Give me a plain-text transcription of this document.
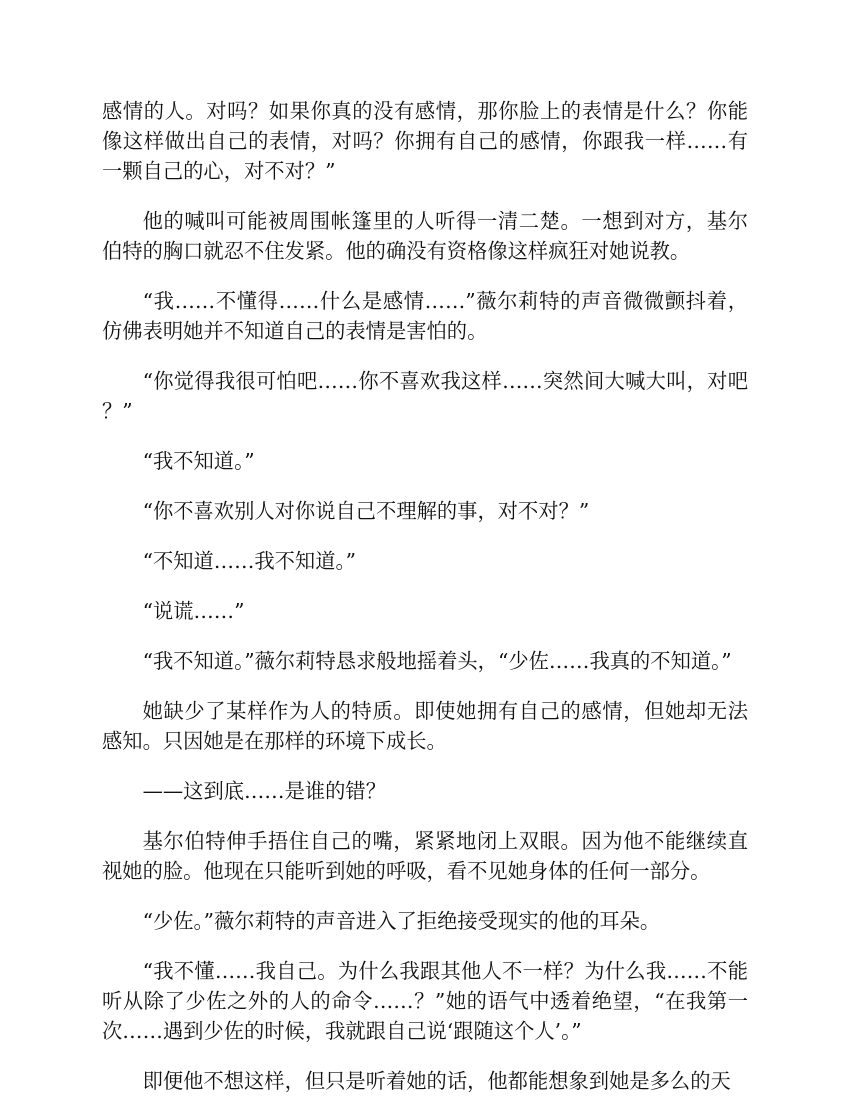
感情的人。对吗？如果你真的没有感情，那你脸上的表情是什么？你能像这样做出自己的表情，对吗？你拥有自己的感情，你跟我一样……有一颗自己的心，对不对？”

他的喊叫可能被周围帐篷里的人听得一清二楚。一想到对方，基尔伯特的胸口就忍不住发紧。他的确没有资格像这样疯狂对她说教。

“我……不懂得……什么是感情……”薇尔莉特的声音微微颤抖着，仿佛表明她并不知道自己的表情是害怕的。

“你觉得我很可怕吧……你不喜欢我这样……突然间大喊大叫，对吧？”

“我不知道。”

“你不喜欢别人对你说自己不理解的事，对不对？”

“不知道……我不知道。”

“说谎……”

“我不知道。”薇尔莉特恳求般地摇着头，“少佐……我真的不知道。”

她缺少了某样作为人的特质。即使她拥有自己的感情，但她却无法感知。只因她是在那样的环境下成长。

——这到底……是谁的错？

基尔伯特伸手捂住自己的嘴，紧紧地闭上双眼。因为他不能继续直视她的脸。他现在只能听到她的呼吸，看不见她身体的任何一部分。

“少佐。”薇尔莉特的声音进入了拒绝接受现实的他的耳朵。

“我不懂……我自己。为什么我跟其他人不一样？为什么我……不能听从除了少佐之外的人的命令……？”她的语气中透着绝望，“在我第一次……遇到少佐的时候，我就跟自己说‘跟随这个人’。”

即便他不想这样，但只是听着她的话，他都能想象到她是多么的天
